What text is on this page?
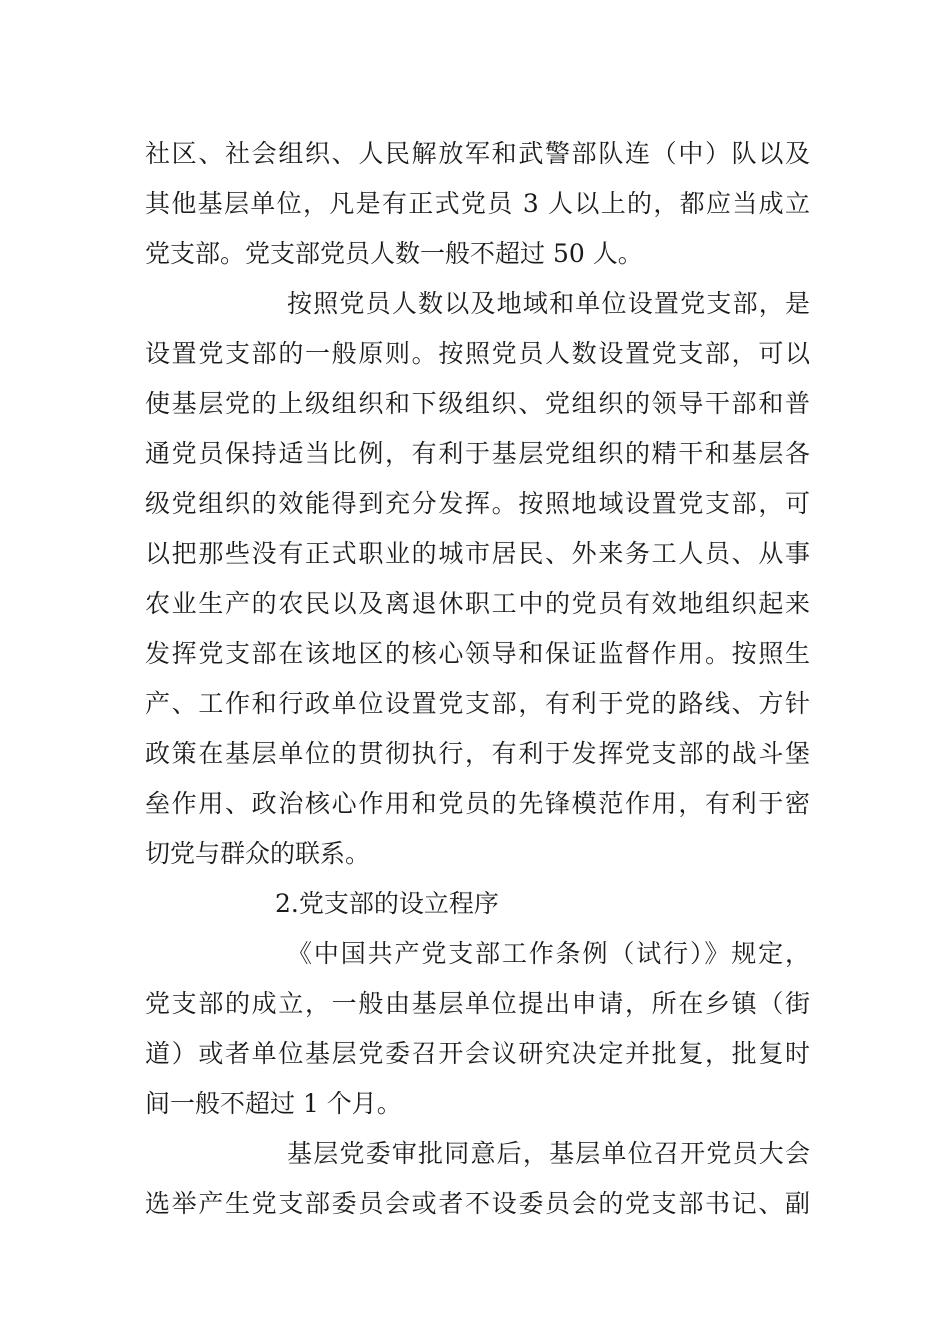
社区、社会组织、人民解放军和武警部队连（中）队以及
其他基层单位，凡是有正式党员 3 人以上的，都应当成立
党支部。党支部党员人数一般不超过 50 人。
按照党员人数以及地域和单位设置党支部，是
设置党支部的一般原则。按照党员人数设置党支部，可以
使基层党的上级组织和下级组织、党组织的领导干部和普
通党员保持适当比例，有利于基层党组织的精干和基层各
级党组织的效能得到充分发挥。按照地域设置党支部，可
以把那些没有正式职业的城市居民、外来务工人员、从事
农业生产的农民以及离退休职工中的党员有效地组织起来
发挥党支部在该地区的核心领导和保证监督作用。按照生
产、工作和行政单位设置党支部，有利于党的路线、方针
政策在基层单位的贯彻执行，有利于发挥党支部的战斗堡
垒作用、政治核心作用和党员的先锋模范作用，有利于密
切党与群众的联系。
2.党支部的设立程序
《中国共产党支部工作条例（试行）》规定，
党支部的成立，一般由基层单位提出申请，所在乡镇（街
道）或者单位基层党委召开会议研究决定并批复，批复时
间一般不超过 1 个月。
基层党委审批同意后，基层单位召开党员大会
选举产生党支部委员会或者不设委员会的党支部书记、副
